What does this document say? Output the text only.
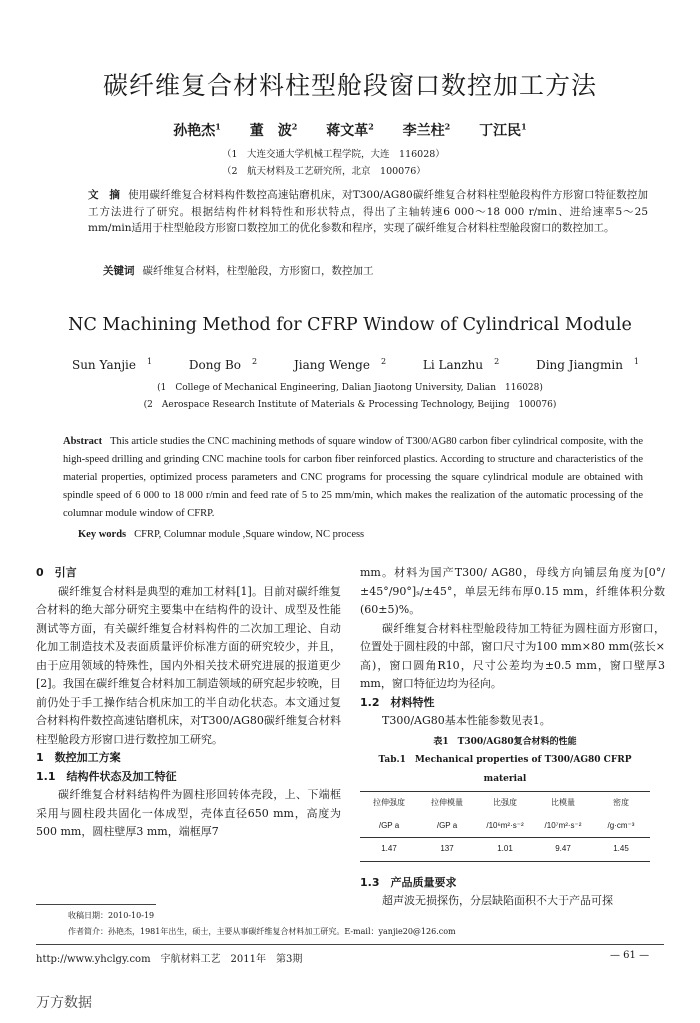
碳纤维复合材料柱型舱段窗口数控加工方法
孙艳杰$^1$ 董　波$^2$ 蒋文革$^2$ 李兰柱$^2$ 丁江民$^1$
（1　大连交通大学机械工程学院，大连　116028）
（2　航天材料及工艺研究所，北京　100076）
文　摘 使用碳纤维复合材料构件数控高速钻磨机床，对T300/AG80碳纤维复合材料柱型舱段构件方形窗口特征数控加工方法进行了研究。根据结构件材料特性和形状特点，得出了主轴转速6 000～18 000 r/min、进给速率5～25 mm/min适用于柱型舱段方形窗口数控加工的优化参数和程序，实现了碳纤维复合材料柱型舱段窗口的数控加工。
关键词 碳纤维复合材料，柱型舱段，方形窗口，数控加工
NC Machining Method for CFRP Window of Cylindrical Module
Sun Yanjie $^1$	Dong Bo $^2$	Jiang Wenge $^2$	Li Lanzhu $^2$	Ding Jiangmin $^1$
(1　College of Mechanical Engineering, Dalian Jiaotong University, Dalian　116028)
(2　Aerospace Research Institute of Materials & Processing Technology, Beijing　100076)
Abstract This article studies the CNC machining methods of square window of T300/AG80 carbon fiber cylindrical composite, with the high-speed drilling and grinding CNC machine tools for carbon fiber reinforced plastics. According to structure and characteristics of the material properties, optimized process parameters and CNC programs for processing the square cylindrical module are obtained with spindle speed of 6 000 to 18 000 r/min and feed rate of 5 to 25 mm/min, which makes the realization of the automatic processing of the columnar module window of CFRP.
Key words CFRP, Columnar module ,Square window, NC process
0　引言

碳纤维复合材料是典型的难加工材料[1]。目前对碳纤维复合材料的绝大部分研究主要集中在结构件的设计、成型及性能测试等方面，有关碳纤维复合材料构件的二次加工理论、自动化加工制造技术及表面质量评价标准方面的研究较少，并且，由于应用领域的特殊性，国内外相关技术研究进展的报道更少[2]。我国在碳纤维复合材料加工制造领域的研究起步较晚，目前仍处于手工操作结合机床加工的半自动化状态。本文通过复合材料构件数控高速钻磨机床，对T300/AG80碳纤维复合材料柱型舱段方形窗口进行数控加工研究。

1　数控加工方案
1.1　结构件状态及加工特征

碳纤维复合材料结构件为圆柱形回转体壳段，上、下端框采用与圆柱段共固化一体成型，壳体直径650 mm，高度为500 mm，圆柱壁厚3 mm，端框厚7

mm。材料为国产T300/ AG80，母线方向铺层角度为[0°/±45°/90°]ₛ/±45°，单层无纬布厚0.15 mm，纤维体积分数(60±5)%。

碳纤维复合材料柱型舱段待加工特征为圆柱面方形窗口，位置处于圆柱段的中部，窗口尺寸为100 mm×80 mm(弦长×高)，窗口圆角R10，尺寸公差均为±0.5 mm，窗口壁厚3 mm，窗口特征边均为径向。

1.2　材料特性

T300/AG80基本性能参数见表1。

表1　T300/AG80复合材料的性能
Tab.1　Mechanical properties of T300/AG80 CFRP material
拉伸强度	拉伸模量	比强度	比模量	密度
/GP a	/GP a	/10⁶m²·s⁻²	/10⁷m²·s⁻²	/g·cm⁻³
1.47	137	1.01	9.47	1.45
1.3　产品质量要求

超声波无损探伤，分层缺陷面积不大于产品可探

收稿日期：2010-10-19
作者简介：孙艳杰，1981年出生，硕士，主要从事碳纤维复合材料加工研究。E-mail：yanjie20@126.com
http://www.yhclgy.com　宇航材料工艺　2011年　第3期	— 61 —
万方数据
